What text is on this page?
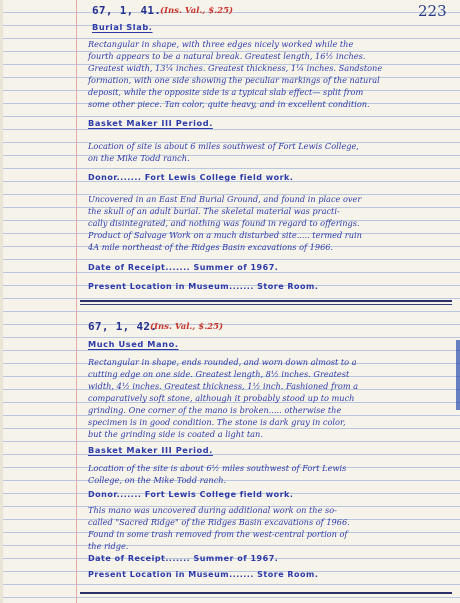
67, 1, 41.
(Ins. Val., $.25)	223
Burial Slab.
Rectangular in shape, with three edges nicely worked while the
fourth appears to be a natural break. Greatest length, 16½ inches.
Greatest width, 13¼ inches. Greatest thickness, 1¼ inches. Sandstone
formation, with one side showing the peculiar markings of the natural
deposit, while the opposite side is a typical slab effect— split from
some other piece. Tan color, quite heavy, and in excellent condition.
Basket Maker III Period.
Location of site is about 6 miles southwest of Fort Lewis College,
on the Mike Todd ranch.
Donor....... Fort Lewis College field work.
Uncovered in an East End Burial Ground, and found in place over
the skull of an adult burial. The skeletal material was practi-
cally disintegrated, and nothing was found in regard to offerings.
Product of Salvage Work on a much disturbed site..... termed ruin
4A mile northeast of the Ridges Basin excavations of 1966.
Date of Receipt....... Summer of 1967.
Present Location in Museum....... Store Room.
67, 1, 42.
(Ins. Val., $.25)
Much Used Mano.
Rectangular in shape, ends rounded, and worn down almost to a
cutting edge on one side. Greatest length, 8½ inches. Greatest
width, 4½ inches. Greatest thickness, 1½ inch. Fashioned from a
comparatively soft stone, although it probably stood up to much
grinding. One corner of the mano is broken..... otherwise the
specimen is in good condition. The stone is dark gray in color,
but the grinding side is coated a light tan.
Basket Maker III Period.
Location of the site is about 6½ miles southwest of Fort Lewis
College, on the Mike Todd ranch.
Donor....... Fort Lewis College field work.
This mano was uncovered during additional work on the so-
called "Sacred Ridge" of the Ridges Basin excavations of 1966.
Found in some trash removed from the west-central portion of
the ridge.
Date of Receipt....... Summer of 1967.
Present Location in Museum....... Store Room.
